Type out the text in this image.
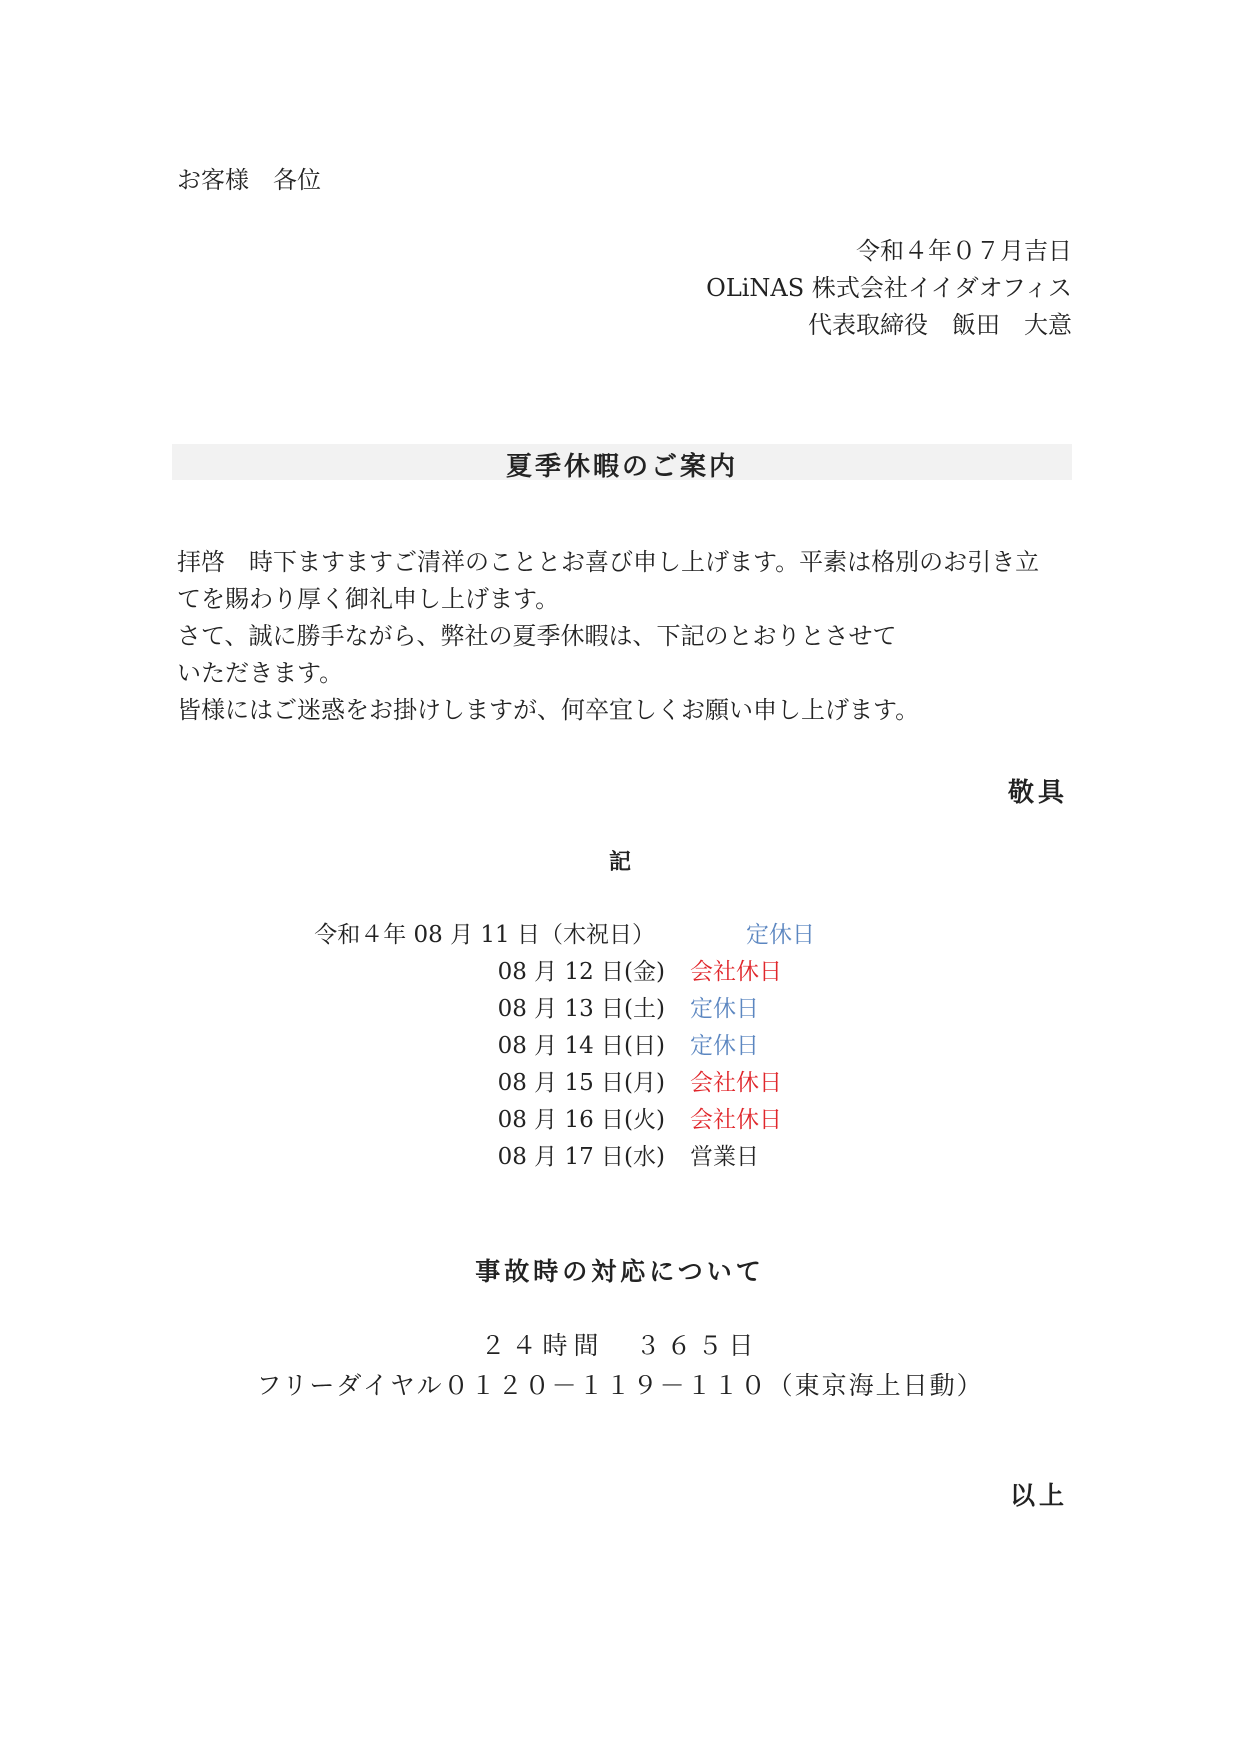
お客様　各位
令和４年０７月吉日
OLiNAS 株式会社イイダオフィス
代表取締役　飯田　大意
夏季休暇のご案内
拝啓　時下ますますご清祥のこととお喜び申し上げます。平素は格別のお引き立
てを賜わり厚く御礼申し上げます。
さて、誠に勝手ながら、弊社の夏季休暇は、下記のとおりとさせて
いただきます。
皆様にはご迷惑をお掛けしますが、何卒宜しくお願い申し上げます。
敬具
記
令和４年 08 月 11 日（木祝日）	定休日
08 月 12 日(金) 会社休日
08 月 13 日(土) 定休日
08 月 14 日(日) 定休日
08 月 15 日(月) 会社休日
08 月 16 日(火) 会社休日
08 月 17 日(水) 営業日
事故時の対応について
２４時間　３６５日
フリーダイヤル０１２０－１１９－１１０（東京海上日動）
以上
